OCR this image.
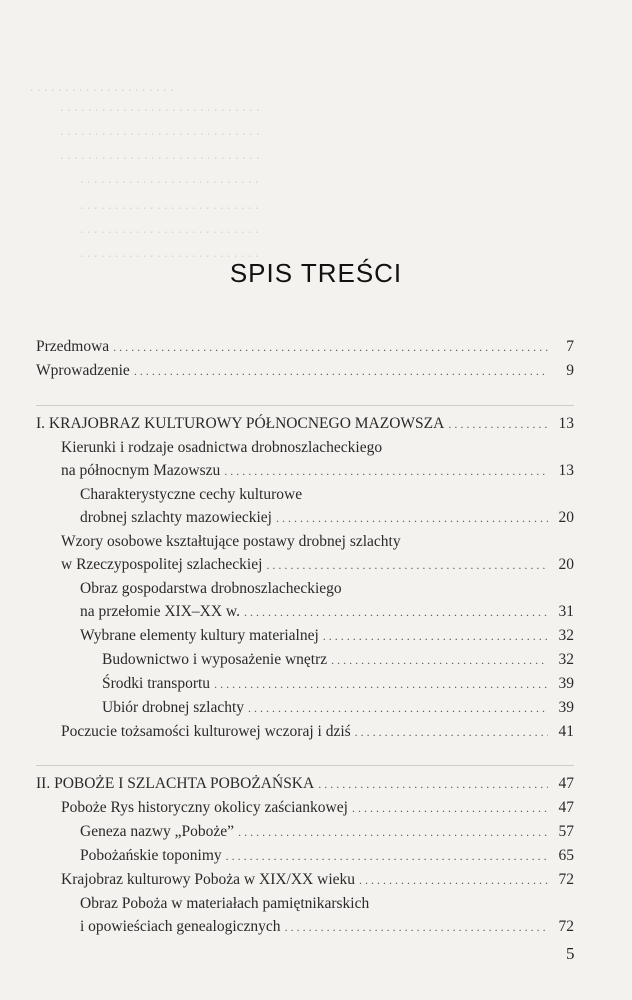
. . . . . . . . . . . . . . . . . . . . .
. . . . . . . . . . . . . . . . . . . . . . . . . . . . .
. . . . . . . . . . . . . . . . . . . . . . . . . . . . .
. . . . . . . . . . . . . . . . . . . . . . . . . . . . .
. . . . . . . . . . . . . . . . . . . . . . . . . .
. . . . . . . . . . . . . . . . . . . . . . . . . .
. . . . . . . . . . . . . . . . . . . . . . . . . .
. . . . . . . . . . . . . . . . . . . . . . . . . .
SPIS TREŚCI
Przedmowa . . .	7
Wprowadzenie . . .	9
I. KRAJOBRAZ KULTUROWY PÓŁNOCNEGO MAZOWSZA . . .	13
Kierunki i rodzaje osadnictwa drobnoszlacheckiego
na północnym Mazowszu . . .	13
Charakterystyczne cechy kulturowe
drobnej szlachty mazowieckiej . . .	20
Wzory osobowe kształtujące postawy drobnej szlachty
w Rzeczypospolitej szlacheckiej . . .	20
Obraz gospodarstwa drobnoszlacheckiego
na przełomie XIX–XX w. . . .	31
Wybrane elementy kultury materialnej . . .	32
Budownictwo i wyposażenie wnętrz . . .	32
Środki transportu . . .	39
Ubiór drobnej szlachty . . .	39
Poczucie tożsamości kulturowej wczoraj i dziś . . .	41
II. POBOŻE I SZLACHTA POBOŻAŃSKA . . .	47
Poboże Rys historyczny okolicy zaściankowej . . .	47
Geneza nazwy „Poboże” . . .	57
Pobożańskie toponimy . . .	65
Krajobraz kulturowy Poboża w XIX/XX wieku . . .	72
Obraz Poboża w materiałach pamiętnikarskich
i opowieściach genealogicznych . . .	72
5
